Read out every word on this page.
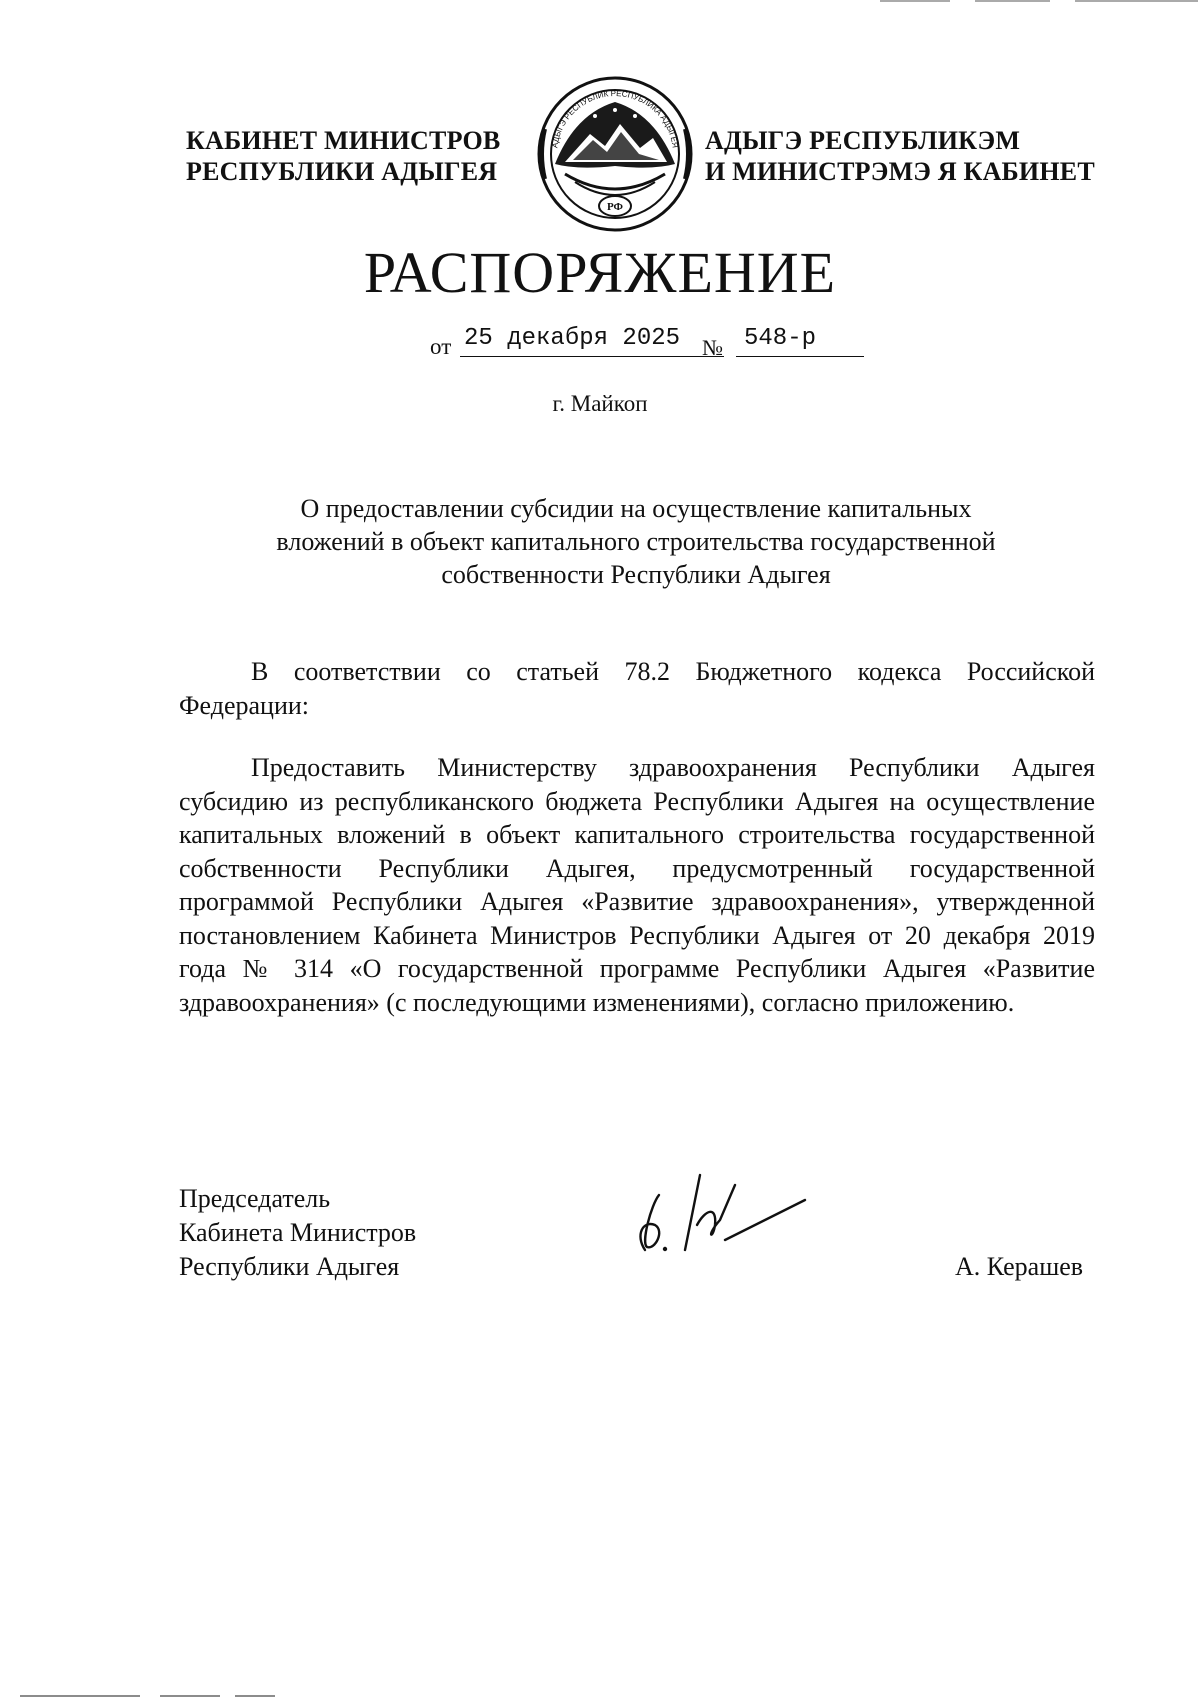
КАБИНЕТ МИНИСТРОВ
РЕСПУБЛИКИ АДЫГЕЯ
РФ
АДЫГЭ РЕСПУБЛИК РЕСПУБЛИКА АДЫГЕЯ АДЫГЭ РЕСПУБЛИКЭМ
И МИНИСТРЭМЭ Я КАБИНЕТ
РАСПОРЯЖЕНИЕ
от 25 декабря 2025 № 548-р
г. Майкоп
О предоставлении субсидии на осуществление капитальных
вложений в объект капитального строительства государственной
собственности Республики Адыгея

В соответствии со статьей 78.2 Бюджетного кодекса Российской Федерации:

Предоставить Министерству здравоохранения Республики Адыгея субсидию из республиканского бюджета Республики Адыгея на осуществление капитальных вложений в объект капитального строительства государственной собственности Республики Адыгея, предусмотренный государственной программой Республики Адыгея «Развитие здравоохранения», утвержденной постановлением Кабинета Министров Республики Адыгея от 20 декабря 2019 года № 314 «О государственной программе Республики Адыгея «Развитие здравоохранения» (с последующими изменениями), согласно приложению.

Председатель
Кабинета Министров
Республики Адыгея	А. Керашев
